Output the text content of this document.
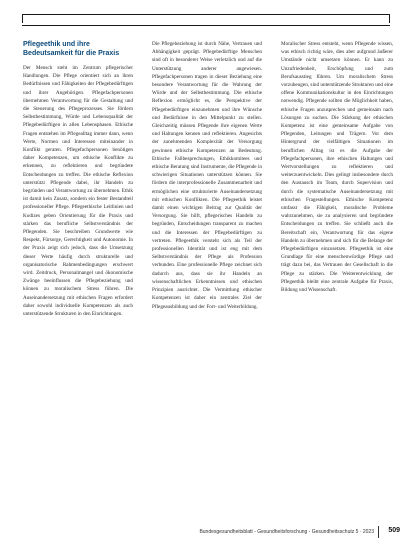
Pflegeethik und ihre Bedeutsamkeit für die Praxis

Der Mensch steht im Zentrum pflegerischer Handlungen. Die Pflege orientiert sich an ihren Bedürfnissen und Fähigkeiten der Pflegebedürftigen und ihrer Angehörigen. Pflegefachpersonen übernehmen Verantwortung für die Gestaltung und die Steuerung des Pflegeprozesses. Sie fördern Selbstbestimmung, Würde und Lebensqualität der Pflegebedürftigen in allen Lebensphasen. Ethische Fragen entstehen im Pflegealltag immer dann, wenn Werte, Normen und Interessen miteinander in Konflikt geraten. Pflegefachpersonen benötigen daher Kompetenzen, um ethische Konflikte zu erkennen, zu reflektieren und begründete Entscheidungen zu treffen. Die ethische Reflexion unterstützt Pflegende dabei, ihr Handeln zu begründen und Verantwortung zu übernehmen. Ethik ist damit kein Zusatz, sondern ein fester Bestandteil professioneller Pflege. Pflegeethische Leitlinien und Kodizes geben Orientierung für die Praxis und stärken das berufliche Selbstverständnis der Pflegenden. Sie beschreiben Grundwerte wie Respekt, Fürsorge, Gerechtigkeit und Autonomie. In der Praxis zeigt sich jedoch, dass die Umsetzung dieser Werte häufig durch strukturelle und organisatorische Rahmenbedingungen erschwert wird. Zeitdruck, Personalmangel und ökonomische Zwänge beeinflussen die Pflegebeziehung und können zu moralischem Stress führen. Die Auseinandersetzung mit ethischen Fragen erfordert daher sowohl individuelle Kompetenzen als auch unterstützende Strukturen in den Einrichtungen.

Die Pflegebeziehung ist durch Nähe, Vertrauen und Abhängigkeit geprägt. Pflegebedürftige Menschen sind oft in besonderer Weise verletzlich und auf die Unterstützung anderer angewiesen. Pflegefachpersonen tragen in dieser Beziehung eine besondere Verantwortung für die Wahrung der Würde und der Selbstbestimmung. Die ethische Reflexion ermöglicht es, die Perspektive der Pflegebedürftigen einzunehmen und ihre Wünsche und Bedürfnisse in den Mittelpunkt zu stellen. Gleichzeitig müssen Pflegende ihre eigenen Werte und Haltungen kennen und reflektieren. Angesichts der zunehmenden Komplexität der Versorgung gewinnen ethische Kompetenzen an Bedeutung. Ethische Fallbesprechungen, Ethikkomitees und ethische Beratung sind Instrumente, die Pflegende in schwierigen Situationen unterstützen können. Sie fördern die interprofessionelle Zusammenarbeit und ermöglichen eine strukturierte Auseinandersetzung mit ethischen Konflikten. Die Pflegeethik leistet damit einen wichtigen Beitrag zur Qualität der Versorgung. Sie hilft, pflegerisches Handeln zu begründen, Entscheidungen transparent zu machen und die Interessen der Pflegebedürftigen zu vertreten. Pflegeethik versteht sich als Teil der professionellen Identität und ist eng mit dem Selbstverständnis der Pflege als Profession verbunden. Eine professionelle Pflege zeichnet sich dadurch aus, dass sie ihr Handeln an wissenschaftlichen Erkenntnissen und ethischen Prinzipien ausrichtet. Die Vermittlung ethischer Kompetenzen ist daher ein zentrales Ziel der Pflegeausbildung und der Fort- und Weiterbildung.

Moralischer Stress entsteht, wenn Pflegende wissen, was ethisch richtig wäre, dies aber aufgrund äußerer Umstände nicht umsetzen können. Er kann zu Unzufriedenheit, Erschöpfung und zum Berufsausstieg führen. Um moralischem Stress vorzubeugen, sind unterstützende Strukturen und eine offene Kommunikationskultur in den Einrichtungen notwendig. Pflegende sollten die Möglichkeit haben, ethische Fragen anzusprechen und gemeinsam nach Lösungen zu suchen. Die Stärkung der ethischen Kompetenz ist eine gemeinsame Aufgabe von Pflegenden, Leitungen und Trägern. Vor dem Hintergrund der vielfältigen Situationen im beruflichen Alltag ist es die Aufgabe der Pflegefachpersonen, ihre ethischen Haltungen und Wertvorstellungen zu reflektieren und weiterzuentwickeln. Dies gelingt insbesondere durch den Austausch im Team, durch Supervision und durch die systematische Auseinandersetzung mit ethischen Fragestellungen. Ethische Kompetenz umfasst die Fähigkeit, moralische Probleme wahrzunehmen, sie zu analysieren und begründete Entscheidungen zu treffen. Sie schließt auch die Bereitschaft ein, Verantwortung für das eigene Handeln zu übernehmen und sich für die Belange der Pflegebedürftigen einzusetzen. Pflegeethik ist eine Grundlage für eine menschenwürdige Pflege und trägt dazu bei, das Vertrauen der Gesellschaft in die Pflege zu stärken. Die Weiterentwicklung der Pflegeethik bleibt eine zentrale Aufgabe für Praxis, Bildung und Wissenschaft.

Bundesgesundheitsblatt - Gesundheitsforschung - Gesundheitsschutz 5 · 2023 509
